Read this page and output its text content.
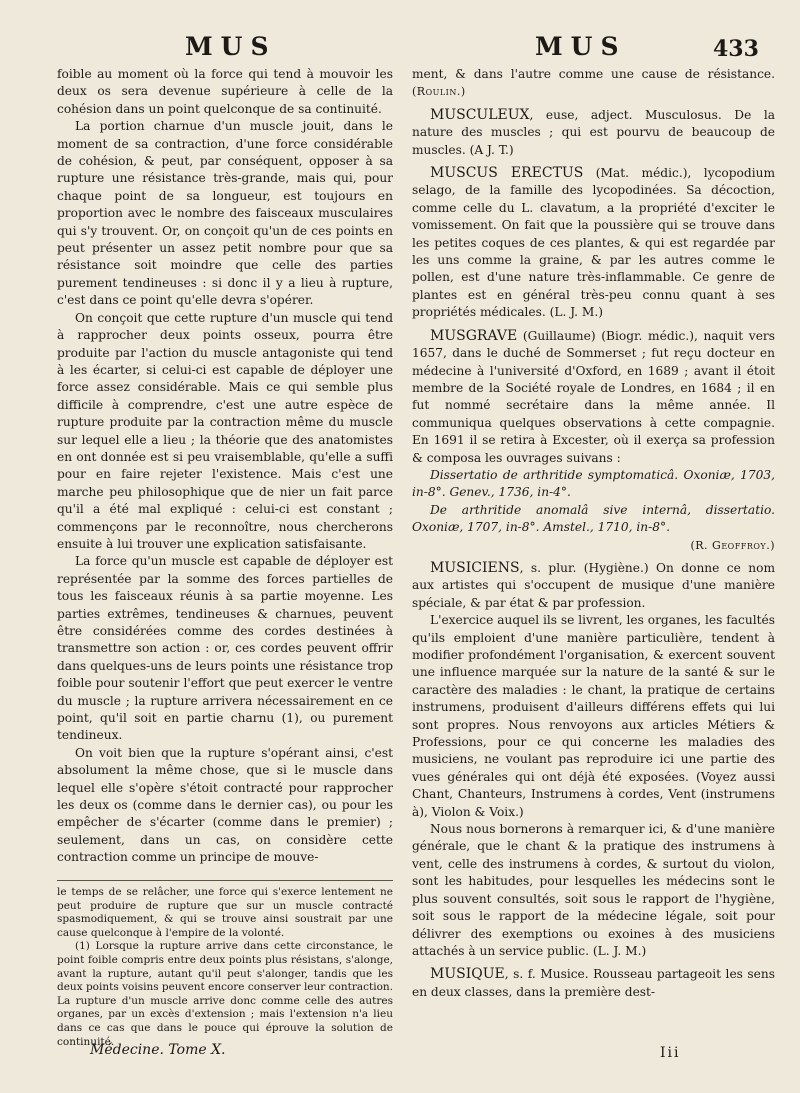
MUS	MUS	433

foible au moment où la force qui tend à mouvoir les deux os sera devenue supérieure à celle de la cohésion dans un point quelconque de sa continuité.

La portion charnue d'un muscle jouit, dans le moment de sa contraction, d'une force considérable de cohésion, & peut, par conséquent, opposer à sa rupture une résistance très-grande, mais qui, pour chaque point de sa longueur, est toujours en proportion avec le nombre des faisceaux musculaires qui s'y trouvent. Or, on conçoit qu'un de ces points en peut présenter un assez petit nombre pour que sa résistance soit moindre que celle des parties purement tendineuses : si donc il y a lieu à rupture, c'est dans ce point qu'elle devra s'opérer.

On conçoit que cette rupture d'un muscle qui tend à rapprocher deux points osseux, pourra être produite par l'action du muscle antagoniste qui tend à les écarter, si celui-ci est capable de déployer une force assez considérable. Mais ce qui semble plus difficile à comprendre, c'est une autre espèce de rupture produite par la contraction même du muscle sur lequel elle a lieu ; la théorie que des anatomistes en ont donnée est si peu vraisemblable, qu'elle a suffi pour en faire rejeter l'existence. Mais c'est une marche peu philosophique que de nier un fait parce qu'il a été mal expliqué : celui-ci est constant ; commençons par le reconnoître, nous chercherons ensuite à lui trouver une explication satisfaisante.

La force qu'un muscle est capable de déployer est représentée par la somme des forces partielles de tous les faisceaux réunis à sa partie moyenne. Les parties extrêmes, tendineuses & charnues, peuvent être considérées comme des cordes destinées à transmettre son action : or, ces cordes peuvent offrir dans quelques-uns de leurs points une résistance trop foible pour soutenir l'effort que peut exercer le ventre du muscle ; la rupture arrivera nécessairement en ce point, qu'il soit en partie charnu (1), ou purement tendineux.

On voit bien que la rupture s'opérant ainsi, c'est absolument la même chose, que si le muscle dans lequel elle s'opère s'étoit contracté pour rapprocher les deux os (comme dans le dernier cas), ou pour les empêcher de s'écarter (comme dans le premier) ; seulement, dans un cas, on considère cette contraction comme un principe de mouve-

le temps de se relâcher, une force qui s'exerce lentement ne peut produire de rupture que sur un muscle contracté spasmodiquement, & qui se trouve ainsi soustrait par une cause quelconque à l'empire de la volonté.

(1) Lorsque la rupture arrive dans cette circonstance, le point foible compris entre deux points plus résistans, s'alonge, avant la rupture, autant qu'il peut s'alonger, tandis que les deux points voisins peuvent encore conserver leur contraction. La rupture d'un muscle arrive donc comme celle des autres organes, par un excès d'extension ; mais l'extension n'a lieu dans ce cas que dans le pouce qui éprouve la solution de continuité.

Médecine. Tome X.	Iii

ment, & dans l'autre comme une cause de résistance. (Roulin.)

MUSCULEUX, euse, adject. Musculosus. De la nature des muscles ; qui est pourvu de beaucoup de muscles. (A J. T.)

MUSCUS ERECTUS (Mat. médic.), lycopodium selago, de la famille des lycopodinées. Sa décoction, comme celle du L. clavatum, a la propriété d'exciter le vomissement. On fait que la poussière qui se trouve dans les petites coques de ces plantes, & qui est regardée par les uns comme la graine, & par les autres comme le pollen, est d'une nature très-inflammable. Ce genre de plantes est en général très-peu connu quant à ses propriétés médicales. (L. J. M.)

MUSGRAVE (Guillaume) (Biogr. médic.), naquit vers 1657, dans le duché de Sommerset ; fut reçu docteur en médecine à l'université d'Oxford, en 1689 ; avant il étoit membre de la Société royale de Londres, en 1684 ; il en fut nommé secrétaire dans la même année. Il communiqua quelques observations à cette compagnie. En 1691 il se retira à Excester, où il exerça sa profession & composa les ouvrages suivans :

Dissertatio de arthritide symptomaticâ. Oxoniæ, 1703, in-8°. Genev., 1736, in-4°.

De arthritide anomalâ sive internâ, dissertatio. Oxoniæ, 1707, in-8°. Amstel., 1710, in-8°.

(R. Geoffroy.)

MUSICIENS, s. plur. (Hygiène.) On donne ce nom aux artistes qui s'occupent de musique d'une manière spéciale, & par état & par profession.

L'exercice auquel ils se livrent, les organes, les facultés qu'ils emploient d'une manière particulière, tendent à modifier profondément l'organisation, & exercent souvent une influence marquée sur la nature de la santé & sur le caractère des maladies : le chant, la pratique de certains instrumens, produisent d'ailleurs différens effets qui lui sont propres. Nous renvoyons aux articles Métiers & Professions, pour ce qui concerne les maladies des musiciens, ne voulant pas reproduire ici une partie des vues générales qui ont déjà été exposées. (Voyez aussi Chant, Chanteurs, Instrumens à cordes, Vent (instrumens à), Violon & Voix.)

Nous nous bornerons à remarquer ici, & d'une manière générale, que le chant & la pratique des instrumens à vent, celle des instrumens à cordes, & surtout du violon, sont les habitudes, pour lesquelles les médecins sont le plus souvent consultés, soit sous le rapport de l'hygiène, soit sous le rapport de la médecine légale, soit pour délivrer des exemptions ou exoines à des musiciens attachés à un service public. (L. J. M.)

MUSIQUE, s. f. Musice. Rousseau partageoit les sens en deux classes, dans la première dest-
